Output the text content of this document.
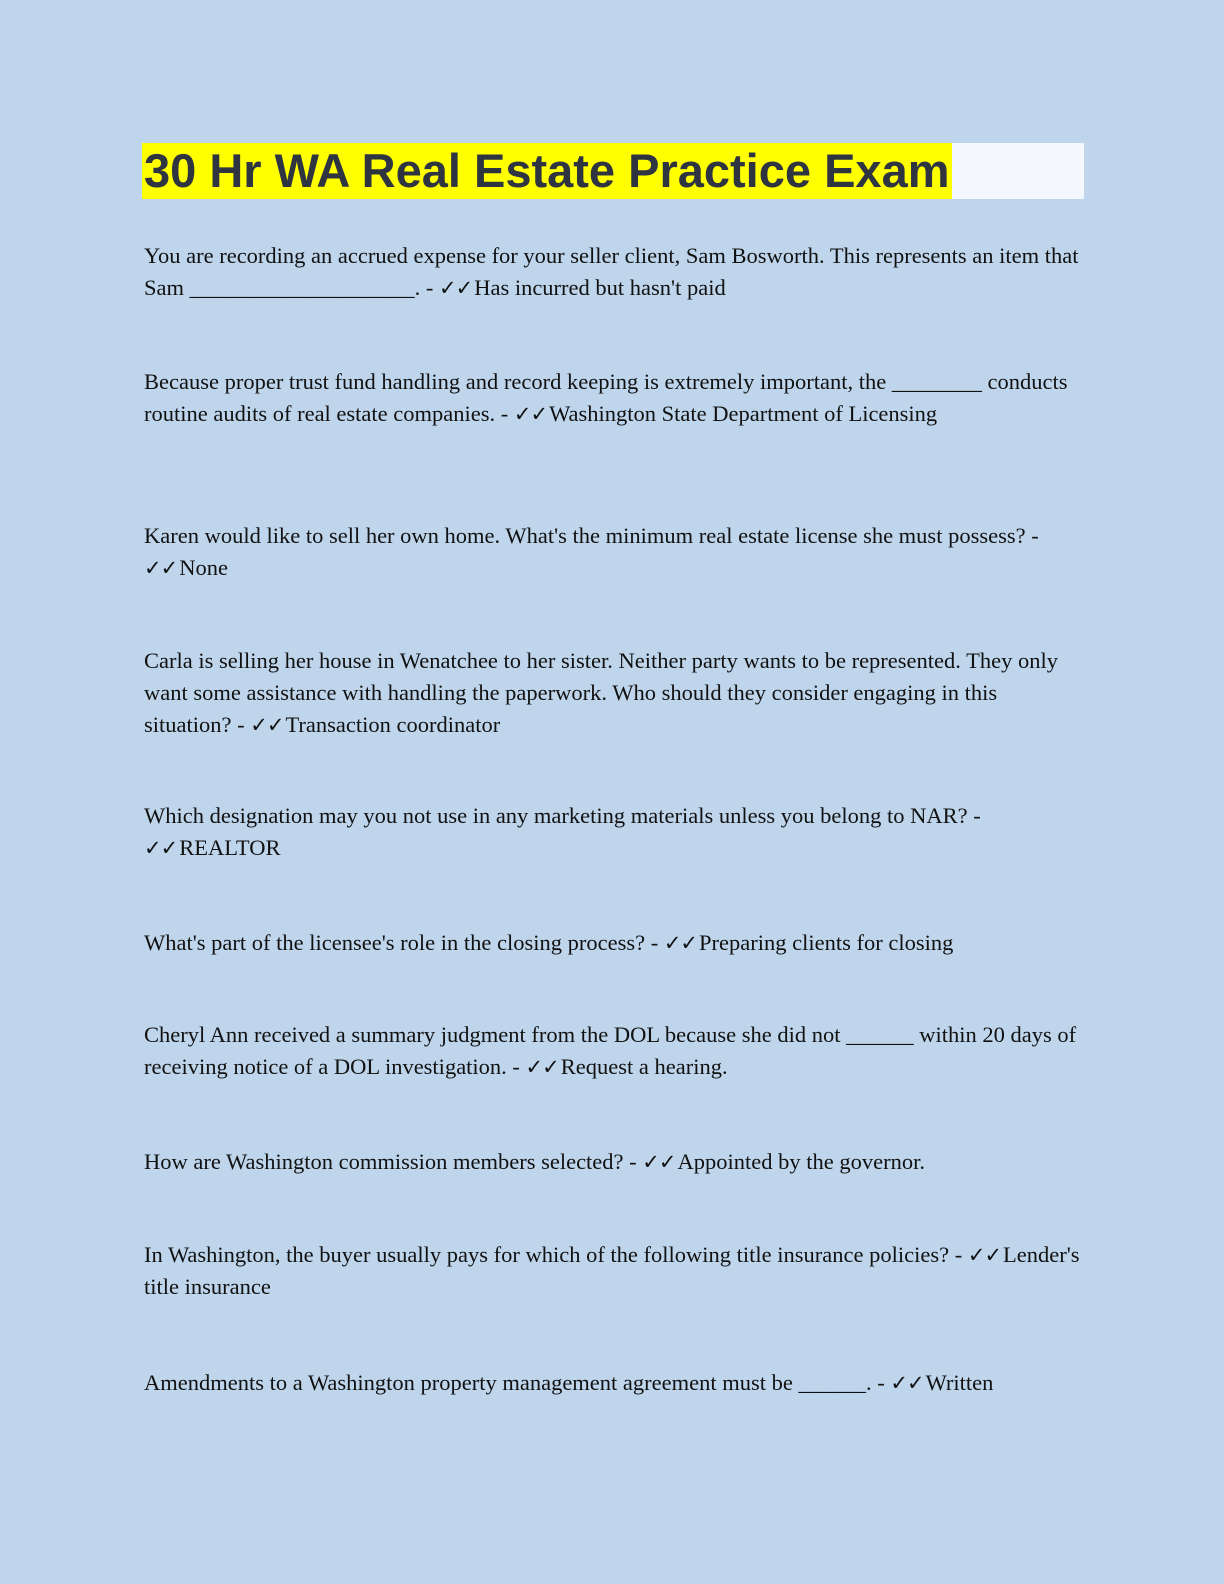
30 Hr WA Real Estate Practice Exam

You are recording an accrued expense for your seller client, Sam Bosworth. This represents an item that Sam ____________________. - ✓✓Has incurred but hasn't paid

Because proper trust fund handling and record keeping is extremely important, the ________ conducts routine audits of real estate companies. - ✓✓Washington State Department of Licensing

Karen would like to sell her own home. What's the minimum real estate license she must possess? - ✓✓None

Carla is selling her house in Wenatchee to her sister. Neither party wants to be represented. They only want some assistance with handling the paperwork. Who should they consider engaging in this situation? - ✓✓Transaction coordinator

Which designation may you not use in any marketing materials unless you belong to NAR? - ✓✓REALTOR

What's part of the licensee's role in the closing process? - ✓✓Preparing clients for closing

Cheryl Ann received a summary judgment from the DOL because she did not ______ within 20 days of receiving notice of a DOL investigation. - ✓✓Request a hearing.

How are Washington commission members selected? - ✓✓Appointed by the governor.

In Washington, the buyer usually pays for which of the following title insurance policies? - ✓✓Lender's title insurance

Amendments to a Washington property management agreement must be ______. - ✓✓Written
